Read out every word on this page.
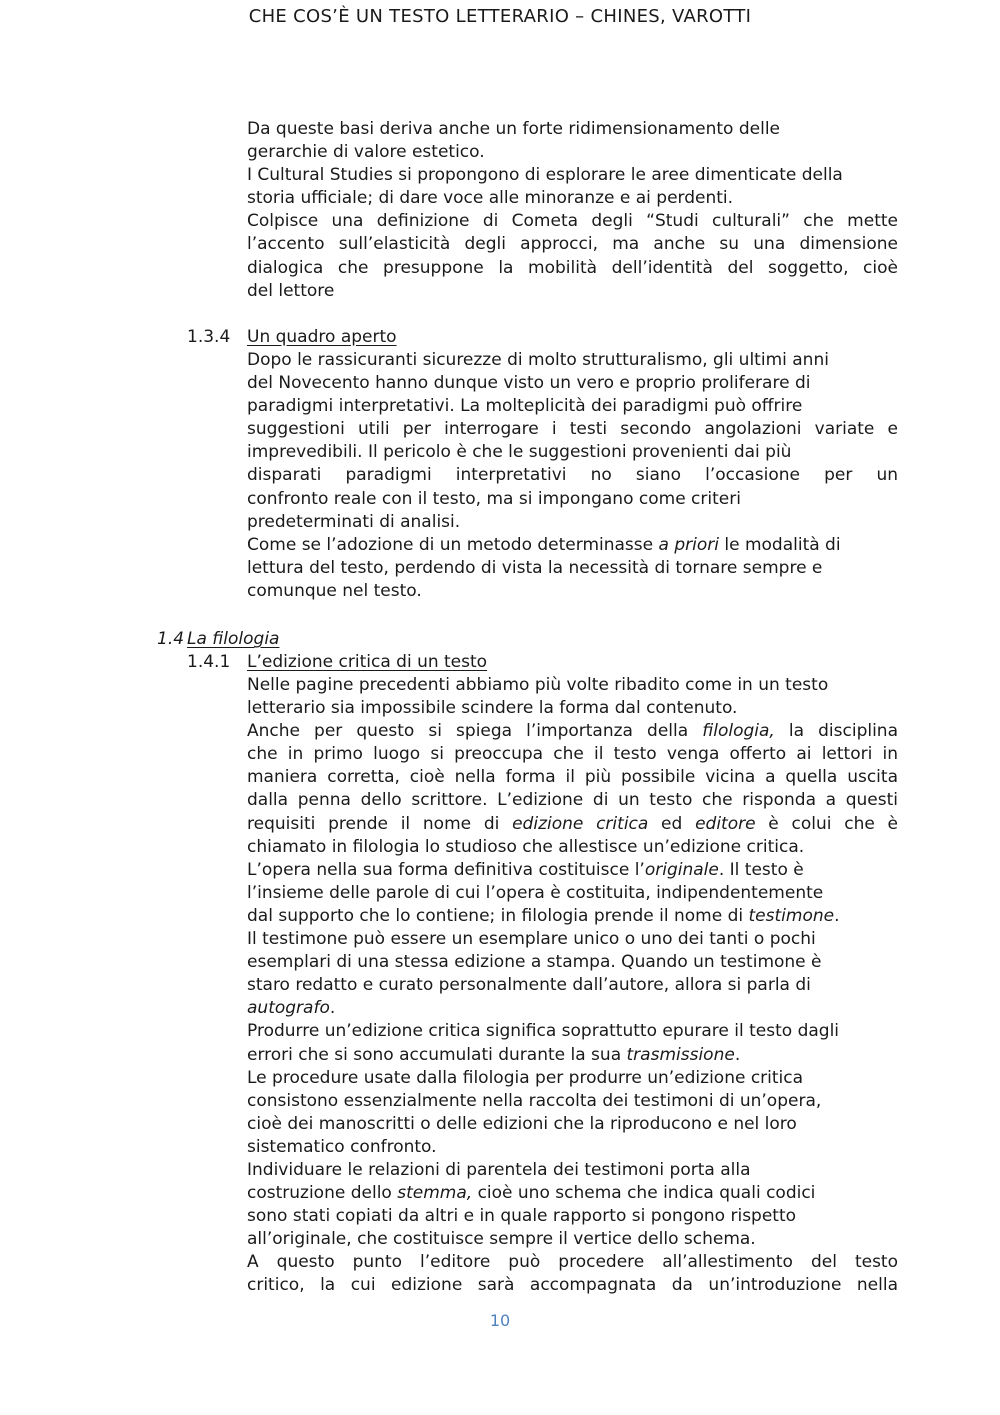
CHE COS’È UN TESTO LETTERARIO – CHINES, VAROTTI
Da queste basi deriva anche un forte ridimensionamento delle
gerarchie di valore estetico.
I Cultural Studies si propongono di esplorare le aree dimenticate della
storia ufficiale; di dare voce alle minoranze e ai perdenti.
Colpisce una definizione di Cometa degli “Studi culturali” che mette
l’accento sull’elasticità degli approcci, ma anche su una dimensione
dialogica che presuppone la mobilità dell’identità del soggetto, cioè
del lettore
1.3.4 Un quadro aperto
Dopo le rassicuranti sicurezze di molto strutturalismo, gli ultimi anni
del Novecento hanno dunque visto un vero e proprio proliferare di
paradigmi interpretativi. La molteplicità dei paradigmi può offrire
suggestioni utili per interrogare i testi secondo angolazioni variate e
imprevedibili. Il pericolo è che le suggestioni provenienti dai più
disparati paradigmi interpretativi no siano l’occasione per un
confronto reale con il testo, ma si impongano come criteri
predeterminati di analisi.
Come se l’adozione di un metodo determinasse a priori le modalità di
lettura del testo, perdendo di vista la necessità di tornare sempre e
comunque nel testo.
1.4 La filologia
1.4.1 L’edizione critica di un testo
Nelle pagine precedenti abbiamo più volte ribadito come in un testo
letterario sia impossibile scindere la forma dal contenuto.
Anche per questo si spiega l’importanza della filologia, la disciplina
che in primo luogo si preoccupa che il testo venga offerto ai lettori in
maniera corretta, cioè nella forma il più possibile vicina a quella uscita
dalla penna dello scrittore. L’edizione di un testo che risponda a questi
requisiti prende il nome di edizione critica ed editore è colui che è
chiamato in filologia lo studioso che allestisce un’edizione critica.
L’opera nella sua forma definitiva costituisce l’originale. Il testo è
l’insieme delle parole di cui l’opera è costituita, indipendentemente
dal supporto che lo contiene; in filologia prende il nome di testimone.
Il testimone può essere un esemplare unico o uno dei tanti o pochi
esemplari di una stessa edizione a stampa. Quando un testimone è
staro redatto e curato personalmente dall’autore, allora si parla di
autografo.
Produrre un’edizione critica significa soprattutto epurare il testo dagli
errori che si sono accumulati durante la sua trasmissione.
Le procedure usate dalla filologia per produrre un’edizione critica
consistono essenzialmente nella raccolta dei testimoni di un’opera,
cioè dei manoscritti o delle edizioni che la riproducono e nel loro
sistematico confronto.
Individuare le relazioni di parentela dei testimoni porta alla
costruzione dello stemma, cioè uno schema che indica quali codici
sono stati copiati da altri e in quale rapporto si pongono rispetto
all’originale, che costituisce sempre il vertice dello schema.
A questo punto l’editore può procedere all’allestimento del testo
critico, la cui edizione sarà accompagnata da un’introduzione nella
10
